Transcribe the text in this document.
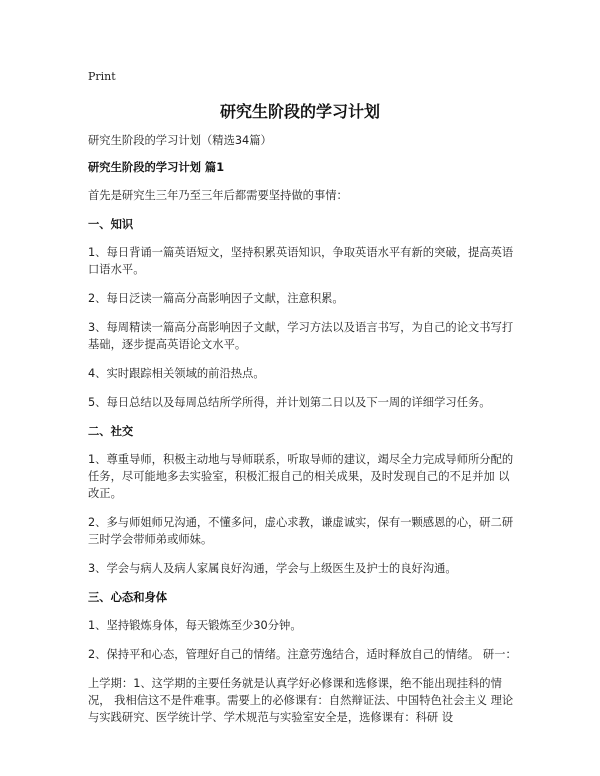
Print
研究生阶段的学习计划

研究生阶段的学习计划（精选34篇）

研究生阶段的学习计划 篇1

首先是研究生三年乃至三年后都需要坚持做的事情：

一、知识

1、每日背诵一篇英语短文，坚持积累英语知识，争取英语水平有新的突破，提高英语 口语水平。

2、每日泛读一篇高分高影响因子文献，注意积累。

3、每周精读一篇高分高影响因子文献，学习方法以及语言书写，为自己的论文书写打 基础，逐步提高英语论文水平。

4、实时跟踪相关领域的前沿热点。

5、每日总结以及每周总结所学所得，并计划第二日以及下一周的详细学习任务。

二、社交

1、尊重导师，积极主动地与导师联系，听取导师的建议，竭尽全力完成导师所分配的 任务，尽可能地多去实验室，积极汇报自己的相关成果，及时发现自己的不足并加 以改正。

2、多与师姐师兄沟通，不懂多问，虚心求教，谦虚诚实，保有一颗感恩的心，研二研 三时学会带师弟或师妹。

3、学会与病人及病人家属良好沟通，学会与上级医生及护士的良好沟通。

三、心态和身体

1、坚持锻炼身体，每天锻炼至少30分钟。

2、保持平和心态，管理好自己的情绪。注意劳逸结合，适时释放自己的情绪。 研一：

上学期：1、这学期的主要任务就是认真学好必修课和选修课，绝不能出现挂科的情况， 我相信这不是件难事。需要上的必修课有：自然辩证法、中国特色社会主义 理论与实践研究、医学统计学、学术规范与实验室安全是，选修课有：科研 设
